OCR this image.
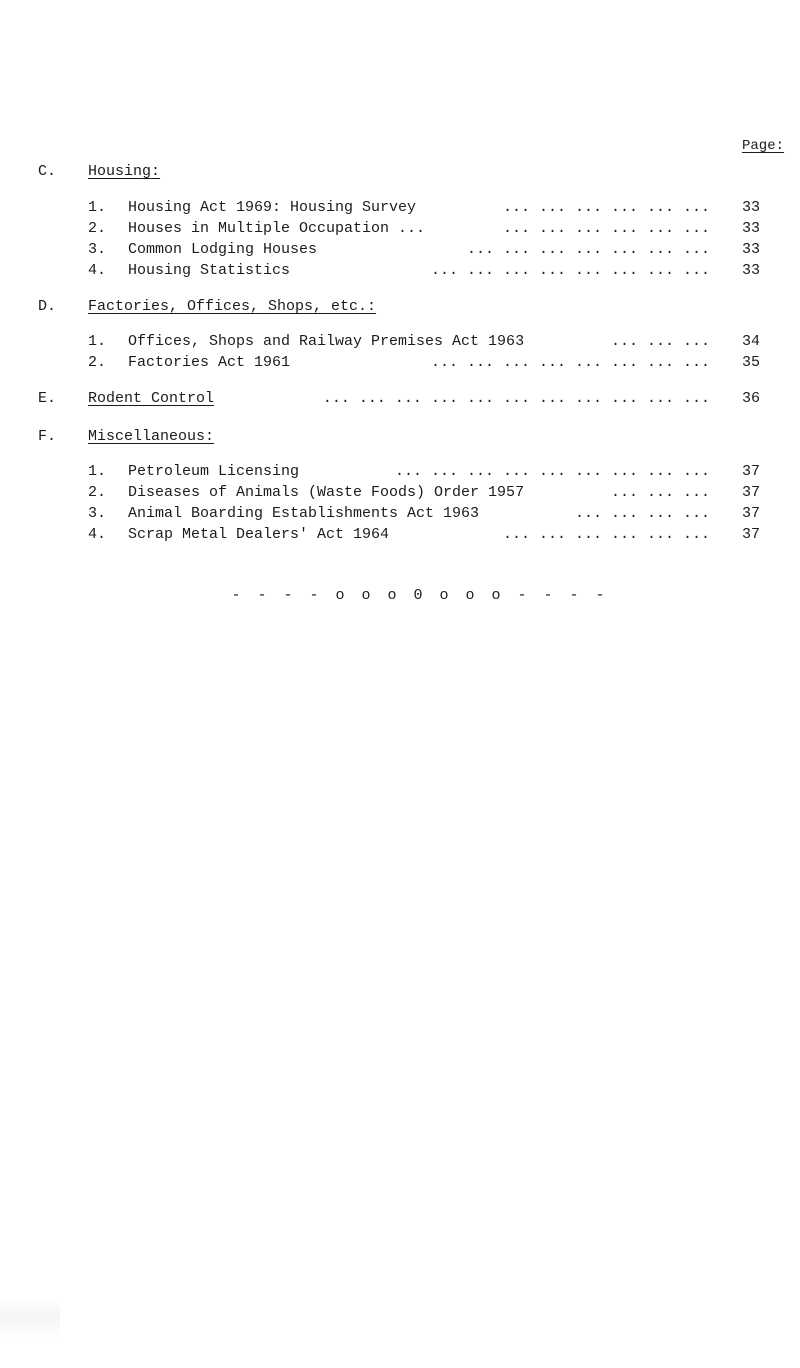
Page:
C.	Housing:
1. Housing Act 1969: Housing Survey	... ... ... ... ... ... 33
2. Houses in Multiple Occupation ...	... ... ... ... ... ... 33
3. Common Lodging Houses	... ... ... ... ... ... ... 33
4. Housing Statistics	... ... ... ... ... ... ... ... 33
D.	Factories, Offices, Shops, etc.:
1. Offices, Shops and Railway Premises Act 1963	... ... ... 34
2. Factories Act 1961	... ... ... ... ... ... ... ... 35
E.	Rodent Control	... ... ... ... ... ... ... ... ... ... ... 36
F.	Miscellaneous:
1. Petroleum Licensing	... ... ... ... ... ... ... ... ... 37
2. Diseases of Animals (Waste Foods) Order 1957	... ... ... 37
3. Animal Boarding Establishments Act 1963	... ... ... ... 37
4. Scrap Metal Dealers' Act 1964	... ... ... ... ... ... 37
- - - - o o o 0 o o o - - - -
